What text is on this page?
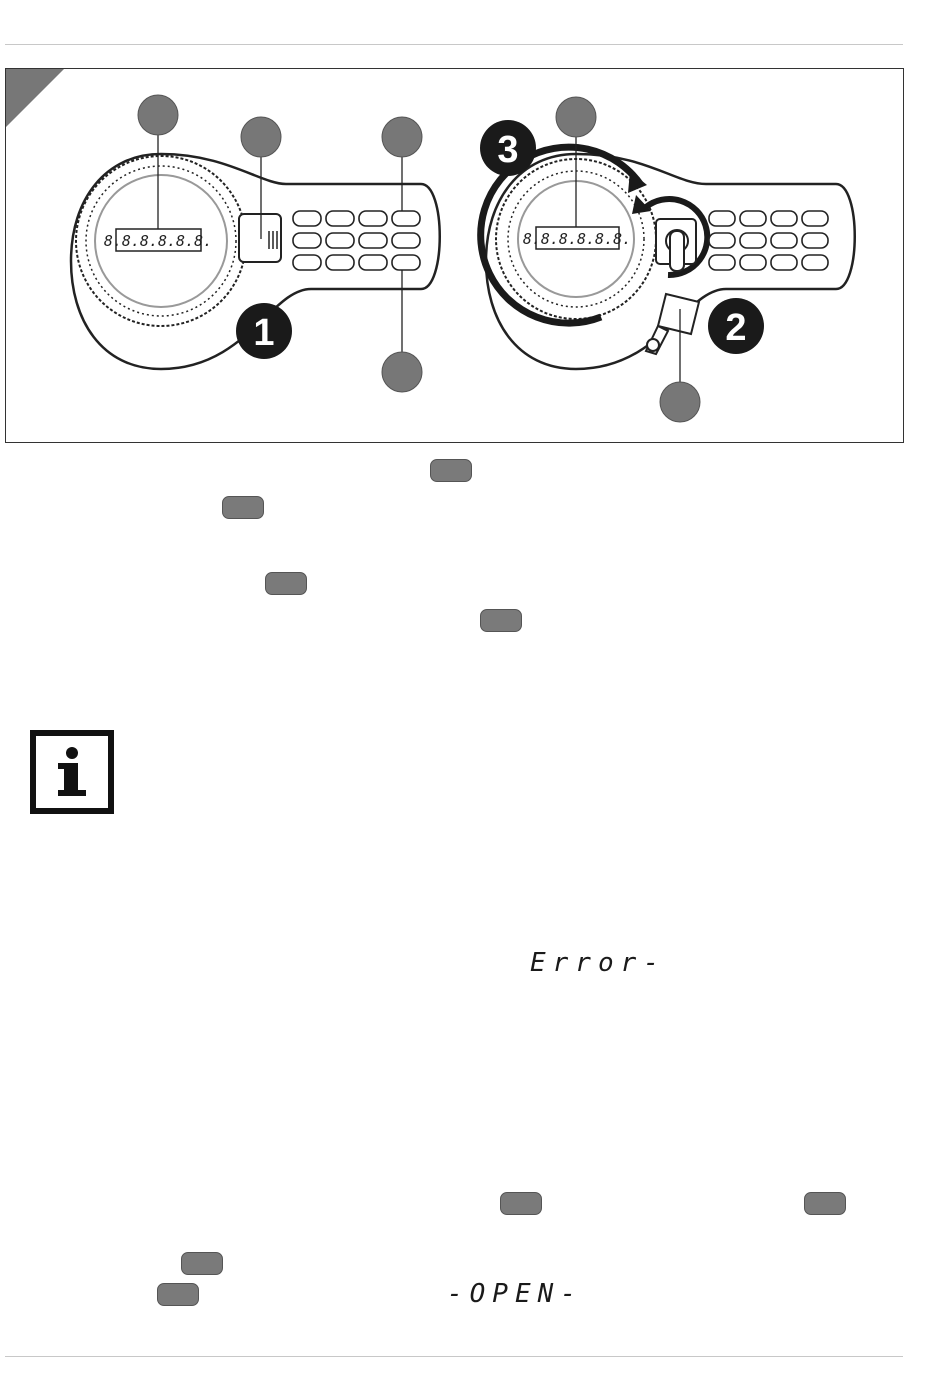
8.8.8.8.8.8.
1
8.8.8.8.8.8.
2
3
Error-
-OPEN-
